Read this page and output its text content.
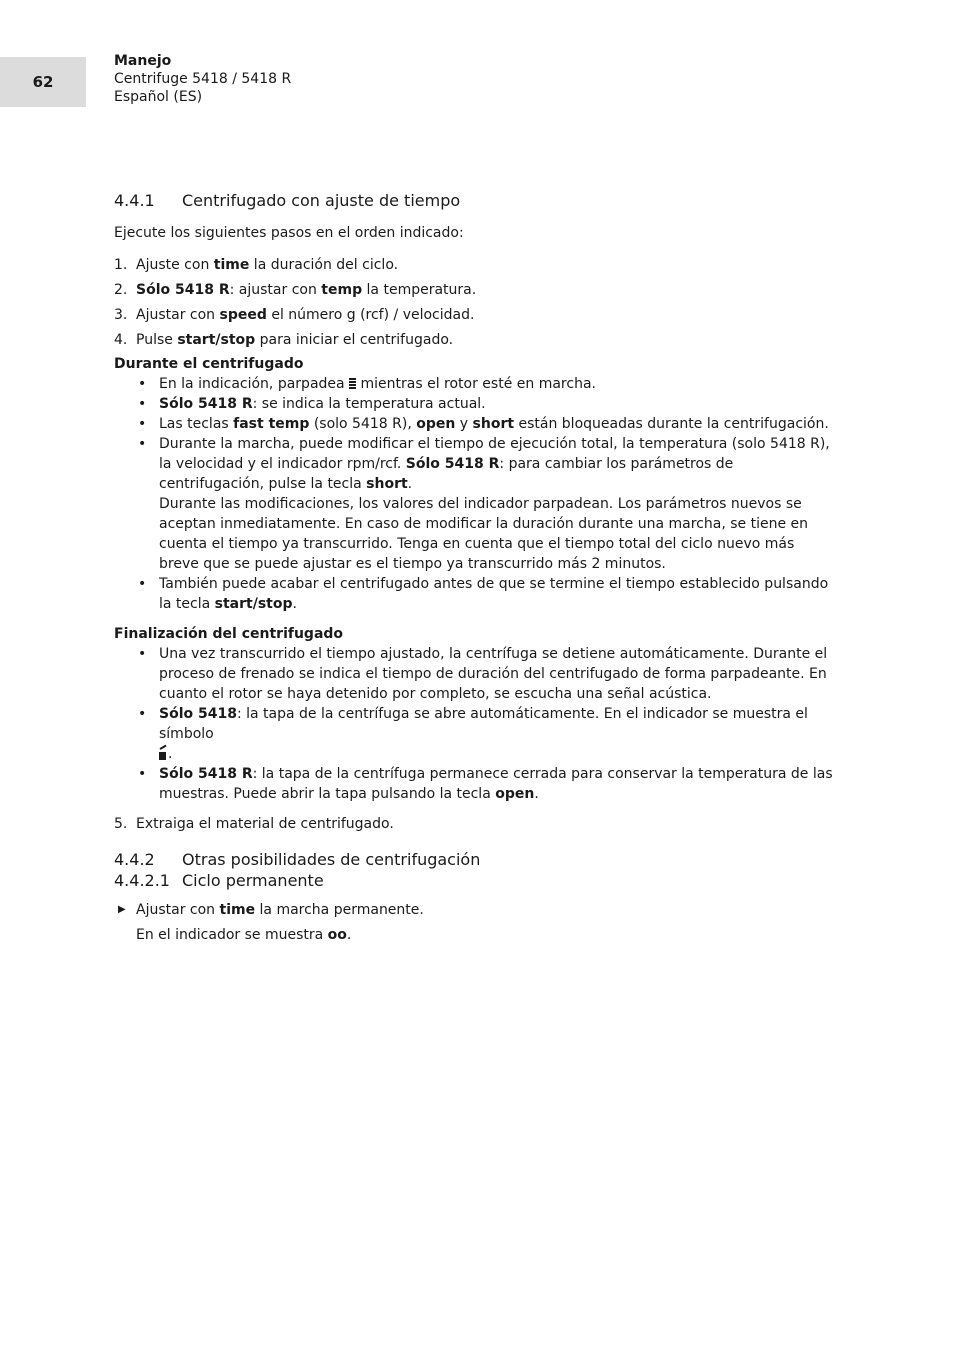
62
Manejo
Centrifuge 5418 / 5418 R
Español (ES)
4.4.1	Centrifugado con ajuste de tiempo

Ejecute los siguientes pasos en el orden indicado:

1. Ajuste con time la duración del ciclo.
2. Sólo 5418 R: ajustar con temp la temperatura.
3. Ajustar con speed el número g (rcf) / velocidad.
4. Pulse start/stop para iniciar el centrifugado.
Durante el centrifugado
• En la indicación, parpadea  mientras el rotor esté en marcha.
• Sólo 5418 R: se indica la temperatura actual.
• Las teclas fast temp (solo 5418 R), open y short están bloqueadas durante la centrifugación.
• Durante la marcha, puede modificar el tiempo de ejecución total, la temperatura (solo 5418 R), la velocidad y el indicador rpm/rcf. Sólo 5418 R: para cambiar los parámetros de centrifugación, pulse la tecla short.
Durante las modificaciones, los valores del indicador parpadean. Los parámetros nuevos se aceptan inmediatamente. En caso de modificar la duración durante una marcha, se tiene en cuenta el tiempo ya transcurrido. Tenga en cuenta que el tiempo total del ciclo nuevo más breve que se puede ajustar es el tiempo ya transcurrido más 2 minutos.
• También puede acabar el centrifugado antes de que se termine el tiempo establecido pulsando la tecla start/stop.
Finalización del centrifugado
• Una vez transcurrido el tiempo ajustado, la centrífuga se detiene automáticamente. Durante el proceso de frenado se indica el tiempo de duración del centrifugado de forma parpadeante. En cuanto el rotor se haya detenido por completo, se escucha una señal acústica.
• Sólo 5418: la tapa de la centrífuga se abre automáticamente. En el indicador se muestra el símbolo

.
• Sólo 5418 R: la tapa de la centrífuga permanece cerrada para conservar la temperatura de las muestras. Puede abrir la tapa pulsando la tecla open.
5. Extraiga el material de centrifugado.
4.4.2	Otras posibilidades de centrifugación
4.4.2.1 Ciclo permanente
▶ Ajustar con time la marcha permanente.

En el indicador se muestra oo.
